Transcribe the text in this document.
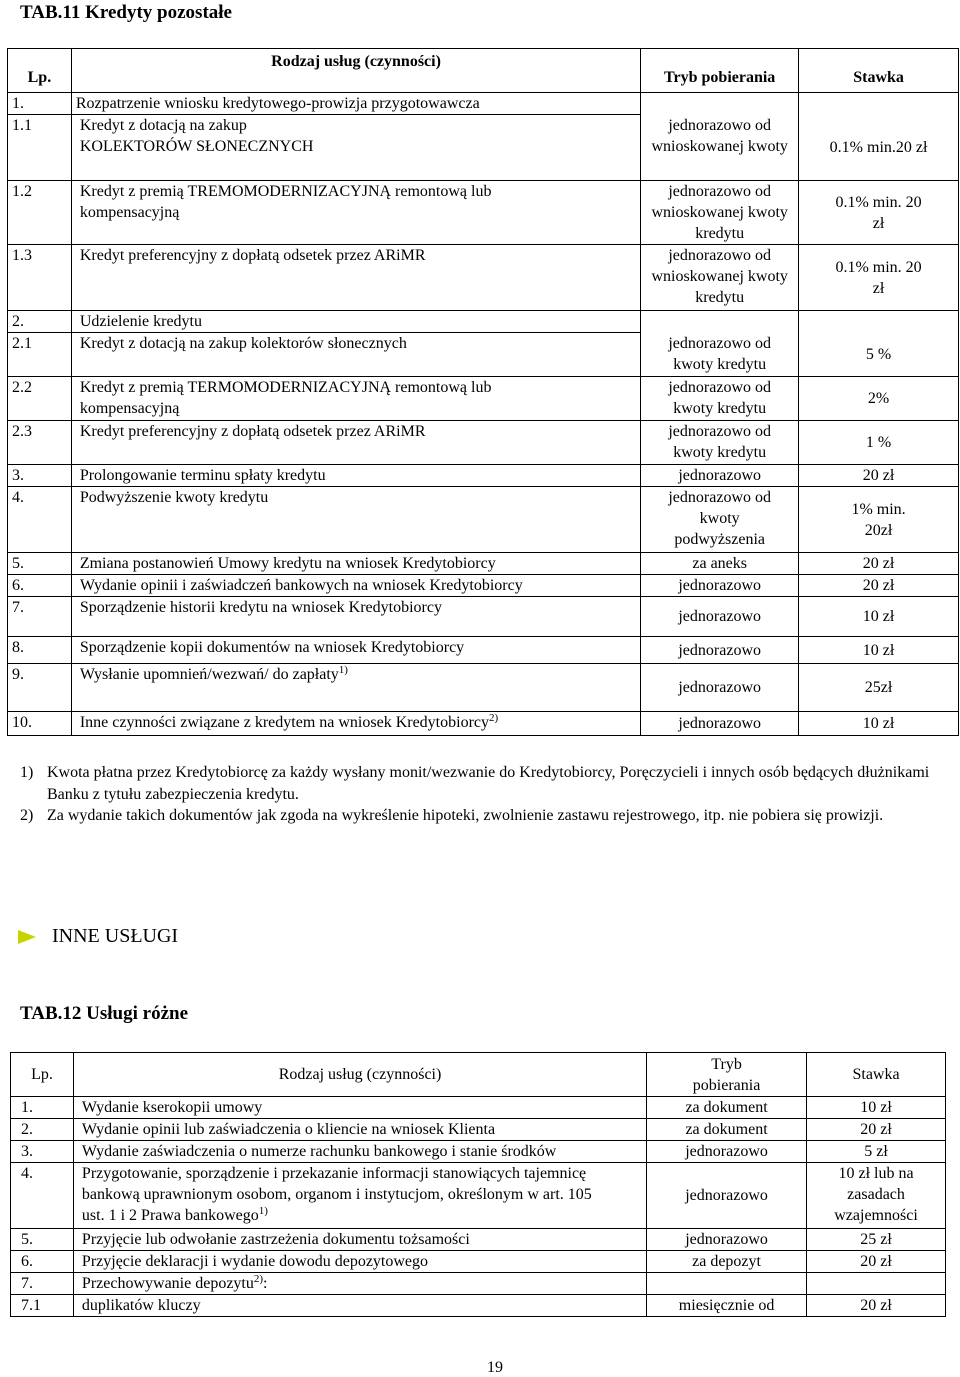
TAB.11 Kredyty pozostałe
Lp.	Rodzaj usług (czynności)	Tryb pobierania	Stawka
1.	Rozpatrzenie wniosku kredytowego-prowizja przygotowawcza		
1.1	Kredyt z dotacją na zakup KOLEKTORÓW SŁONECZNYCH	jednorazowo od wnioskowanej kwoty	0.1% min.20 zł
1.2	Kredyt z premią TREMOMODERNIZACYJNĄ remontową lub kompensacyjną	jednorazowo od wnioskowanej kwoty kredytu	0.1% min. 20 zł
1.3	Kredyt preferencyjny z dopłatą odsetek przez ARiMR	jednorazowo od wnioskowanej kwoty kredytu	0.1% min. 20 zł
2.	Udzielenie kredytu		
2.1	Kredyt z dotacją na zakup kolektorów słonecznych	jednorazowo od kwoty kredytu	5 %
2.2	Kredyt z premią TERMOMODERNIZACYJNĄ remontową lub kompensacyjną	jednorazowo od kwoty kredytu	2%
2.3	Kredyt preferencyjny z dopłatą odsetek przez ARiMR	jednorazowo od kwoty kredytu	1 %
3.	Prolongowanie terminu spłaty kredytu	jednorazowo	20 zł
4.	Podwyższenie kwoty kredytu	jednorazowo od kwoty podwyższenia	1% min. 20zł
5.	Zmiana postanowień Umowy kredytu na wniosek Kredytobiorcy	za aneks	20 zł
6.	Wydanie opinii i zaświadczeń bankowych na wniosek Kredytobiorcy	jednorazowo	20 zł
7.	Sporządzenie historii kredytu na wniosek Kredytobiorcy	jednorazowo	10 zł
8.	Sporządzenie kopii dokumentów na wniosek Kredytobiorcy	jednorazowo	10 zł
9.	Wysłanie upomnień/wezwań/ do zapłaty$^{1)}$	jednorazowo	25zł
10.	Inne czynności związane z kredytem na wniosek Kredytobiorcy$^{2)}$	jednorazowo	10 zł
1) Kwota płatna przez Kredytobiorcę za każdy wysłany monit/wezwanie do Kredytobiorcy, Poręczycieli i innych osób będących dłużnikami Banku z tytułu zabezpieczenia kredytu.
2) Za wydanie takich dokumentów jak zgoda na wykreślenie hipoteki, zwolnienie zastawu rejestrowego, itp. nie pobiera się prowizji.
INNE USŁUGI
TAB.12 Usługi różne
Lp.	Rodzaj usług (czynności)	Tryb pobierania	Stawka
1.	Wydanie kserokopii umowy	za dokument	10 zł
2.	Wydanie opinii lub zaświadczenia o kliencie na wniosek Klienta	za dokument	20 zł
3.	Wydanie zaświadczenia o numerze rachunku bankowego i stanie środków	jednorazowo	5 zł
4.	Przygotowanie, sporządzenie i przekazanie informacji stanowiących tajemnicę bankową uprawnionym osobom, organom i instytucjom, określonym w art. 105 ust. 1 i 2 Prawa bankowego$^{1)}$	jednorazowo	10 zł lub na zasadach wzajemności
5.	Przyjęcie lub odwołanie zastrzeżenia dokumentu tożsamości	jednorazowo	25 zł
6.	Przyjęcie deklaracji i wydanie dowodu depozytowego	za depozyt	20 zł
7.	Przechowywanie depozytu$^{2)}$:		
7.1	duplikatów kluczy	miesięcznie od	20 zł
19
